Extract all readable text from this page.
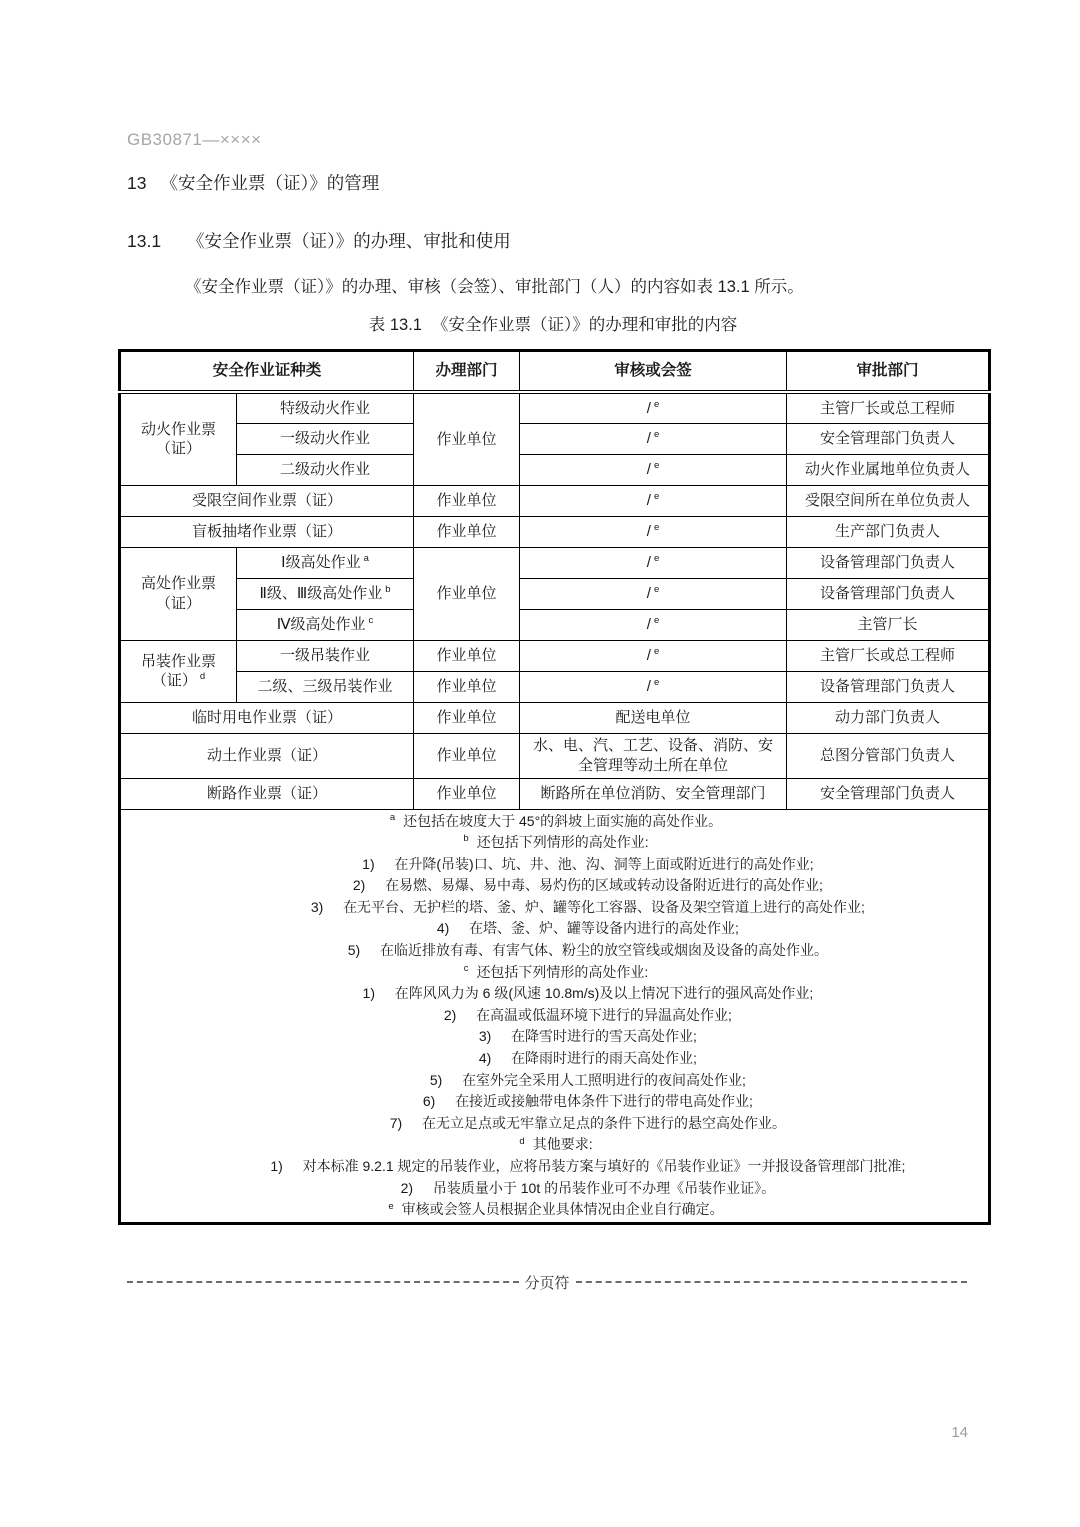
GB30871—××××
13 《安全作业票（证）》的管理
13.1 《安全作业票（证）》的办理、审批和使用
《安全作业票（证）》的办理、审核（会签）、审批部门（人）的内容如表 13.1 所示。
表 13.1 《安全作业票（证）》的办理和审批的内容
安全作业证种类		办理部门	审核或会签	审批部门
动火作业票（证）	特级动火作业	作业单位	/ $^e$	主管厂长或总工程师
	一级动火作业		/ $^e$	安全管理部门负责人
	二级动火作业		/ $^e$	动火作业属地单位负责人
受限空间作业票（证）		作业单位	/ $^e$	受限空间所在单位负责人
盲板抽堵作业票（证）		作业单位	/ $^e$	生产部门负责人
高处作业票（证）	Ⅰ级高处作业 $^a$	作业单位	/ $^e$	设备管理部门负责人
	Ⅱ级、Ⅲ级高处作业 $^b$		/ $^e$	设备管理部门负责人
	Ⅳ级高处作业 $^c$		/ $^e$	主管厂长
吊装作业票（证） $^d$	一级吊装作业	作业单位	/ $^e$	主管厂长或总工程师
	二级、三级吊装作业	作业单位	/ $^e$	设备管理部门负责人
临时用电作业票（证）		作业单位	配送电单位	动力部门负责人
动土作业票（证）		作业单位	水、电、汽、工艺、设备、消防、安全管理等动土所在单位	总图分管部门负责人
断路作业票（证）		作业单位	断路所在单位消防、安全管理部门	安全管理部门负责人

$^a$ 还包括在坡度大于 45°的斜坡上面实施的高处作业。
$^b$ 还包括下列情形的高处作业:
1) 在升降(吊装)口、坑、井、池、沟、洞等上面或附近进行的高处作业;
2) 在易燃、易爆、易中毒、易灼伤的区域或转动设备附近进行的高处作业;
3) 在无平台、无护栏的塔、釜、炉、罐等化工容器、设备及架空管道上进行的高处作业;
4) 在塔、釜、炉、罐等设备内进行的高处作业;
5) 在临近排放有毒、有害气体、粉尘的放空管线或烟囱及设备的高处作业。
$^c$ 还包括下列情形的高处作业:
1) 在阵风风力为 6 级(风速 10.8m/s)及以上情况下进行的强风高处作业;
2) 在高温或低温环境下进行的异温高处作业;
3) 在降雪时进行的雪天高处作业;
4) 在降雨时进行的雨天高处作业;
5) 在室外完全采用人工照明进行的夜间高处作业;
6) 在接近或接触带电体条件下进行的带电高处作业;
7) 在无立足点或无牢靠立足点的条件下进行的悬空高处作业。
$^d$ 其他要求:
1) 对本标准 9.2.1 规定的吊装作业，应将吊装方案与填好的《吊装作业证》一并报设备管理部门批准;
2) 吊装质量小于 10t 的吊装作业可不办理《吊装作业证》。
$^e$ 审核或会签人员根据企业具体情况由企业自行确定。
分页符
14
